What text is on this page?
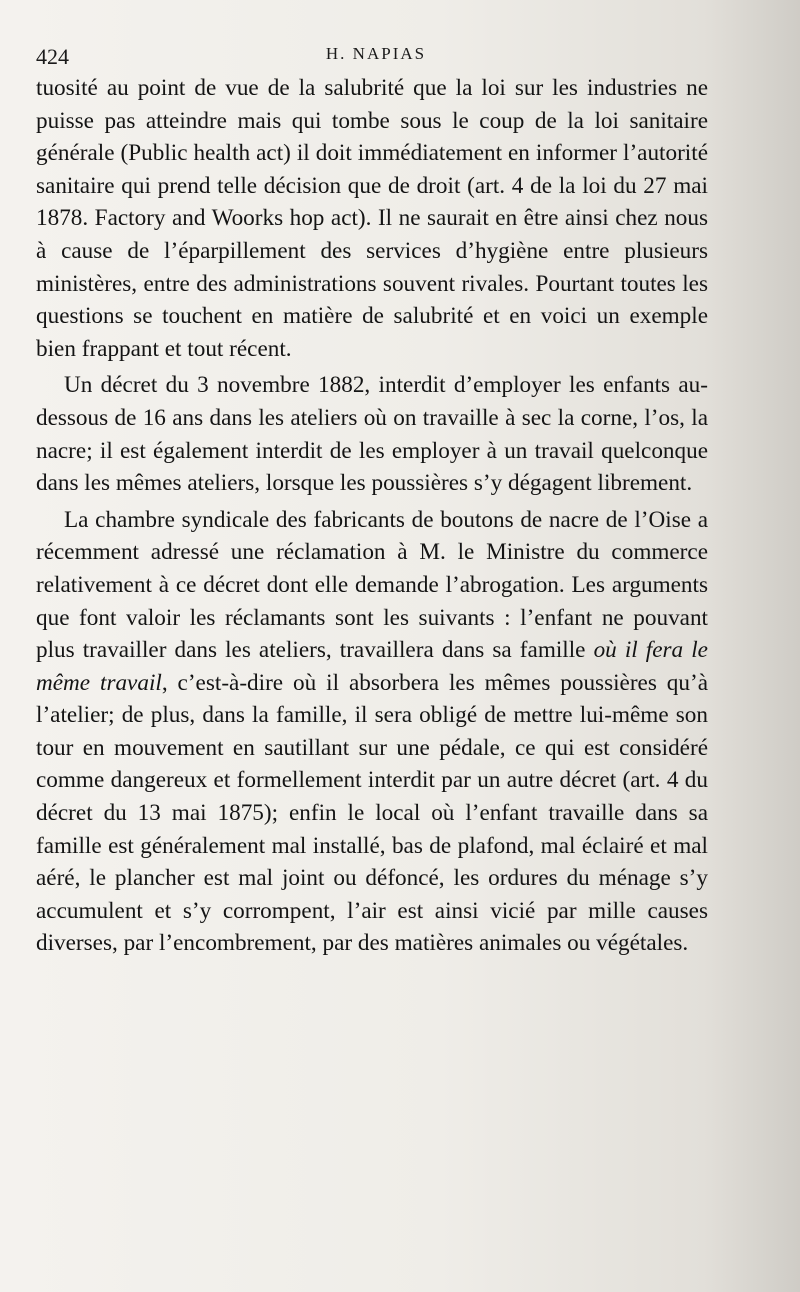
424	H. NAPIAS

tuosité au point de vue de la salubrité que la loi sur les industries ne puisse pas atteindre mais qui tombe sous le coup de la loi sanitaire générale (Public health act) il doit immédiatement en informer l’autorité sanitaire qui prend telle décision que de droit (art. 4 de la loi du 27 mai 1878. Factory and Woorks hop act). Il ne saurait en être ainsi chez nous à cause de l’éparpillement des services d’hygiène entre plusieurs ministères, entre des administrations souvent rivales. Pourtant toutes les questions se touchent en matière de salubrité et en voici un exemple bien frappant et tout récent.

Un décret du 3 novembre 1882, interdit d’employer les enfants au-dessous de 16 ans dans les ateliers où on travaille à sec la corne, l’os, la nacre; il est également interdit de les employer à un travail quelconque dans les mêmes ateliers, lorsque les poussières s’y dégagent librement.

La chambre syndicale des fabricants de boutons de nacre de l’Oise a récemment adressé une réclamation à M. le Ministre du commerce relativement à ce décret dont elle demande l’abrogation. Les arguments que font valoir les réclamants sont les suivants : l’enfant ne pouvant plus travailler dans les ateliers, travaillera dans sa famille où il fera le même travail, c’est-à-dire où il absorbera les mêmes poussières qu’à l’atelier; de plus, dans la famille, il sera obligé de mettre lui-même son tour en mouvement en sautillant sur une pédale, ce qui est considéré comme dangereux et formellement interdit par un autre décret (art. 4 du décret du 13 mai 1875); enfin le local où l’enfant travaille dans sa famille est généralement mal installé, bas de plafond, mal éclairé et mal aéré, le plancher est mal joint ou défoncé, les ordures du ménage s’y accumulent et s’y corrompent, l’air est ainsi vicié par mille causes diverses, par l’encombrement, par des matières animales ou végétales.
